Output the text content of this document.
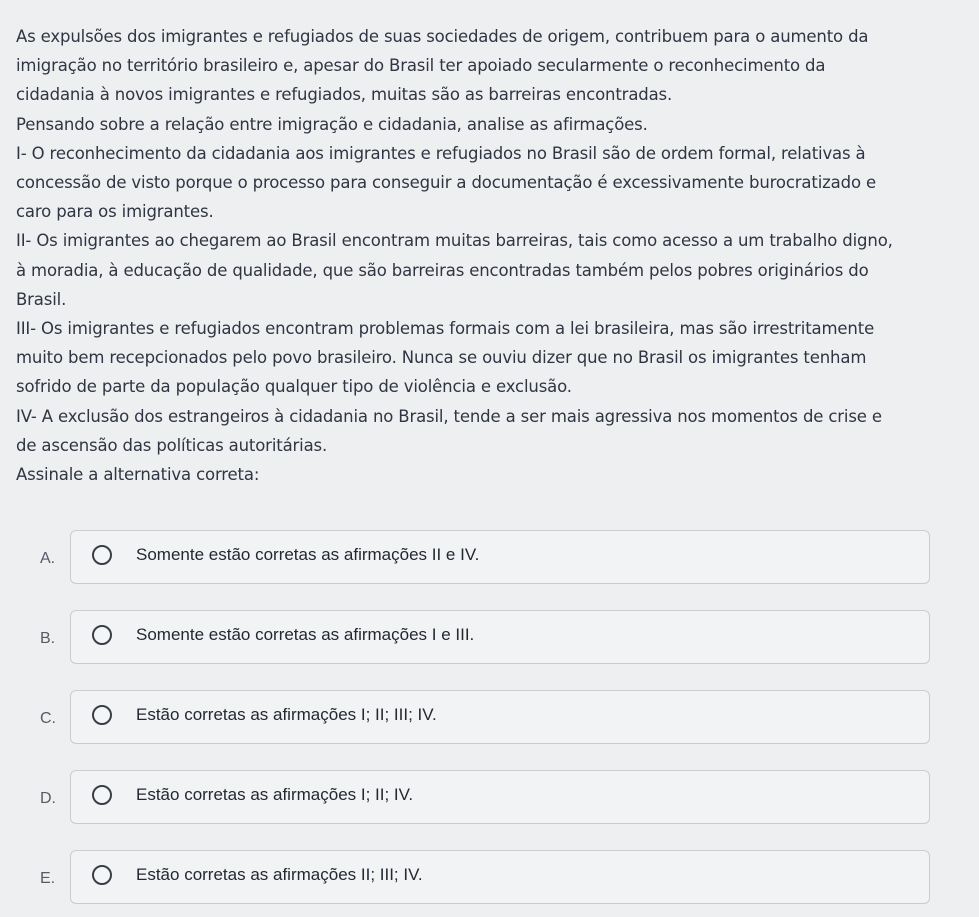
As expulsões dos imigrantes e refugiados de suas sociedades de origem, contribuem para o aumento da
imigração no território brasileiro e, apesar do Brasil ter apoiado secularmente o reconhecimento da
cidadania à novos imigrantes e refugiados, muitas são as barreiras encontradas.
Pensando sobre a relação entre imigração e cidadania, analise as afirmações.
I- O reconhecimento da cidadania aos imigrantes e refugiados no Brasil são de ordem formal, relativas à
concessão de visto porque o processo para conseguir a documentação é excessivamente burocratizado e
caro para os imigrantes.
II- Os imigrantes ao chegarem ao Brasil encontram muitas barreiras, tais como acesso a um trabalho digno,
à moradia, à educação de qualidade, que são barreiras encontradas também pelos pobres originários do
Brasil.
III- Os imigrantes e refugiados encontram problemas formais com a lei brasileira, mas são irrestritamente
muito bem recepcionados pelo povo brasileiro. Nunca se ouviu dizer que no Brasil os imigrantes tenham
sofrido de parte da população qualquer tipo de violência e exclusão.
IV- A exclusão dos estrangeiros à cidadania no Brasil, tende a ser mais agressiva nos momentos de crise e
de ascensão das políticas autoritárias.
Assinale a alternativa correta:
A.	Somente estão corretas as afirmações II e IV.
B.	Somente estão corretas as afirmações I e III.
C.	Estão corretas as afirmações I; II; III; IV.
D.	Estão corretas as afirmações I; II; IV.
E.	Estão corretas as afirmações II; III; IV.
